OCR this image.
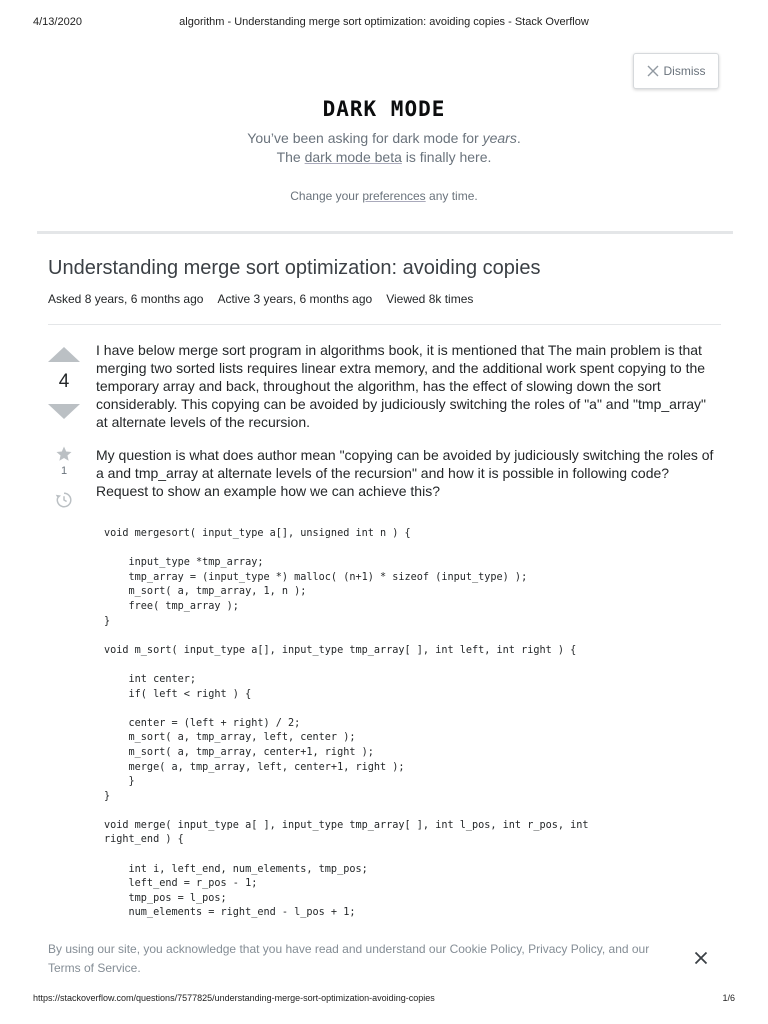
4/13/2020	algorithm - Understanding merge sort optimization: avoiding copies - Stack Overflow
Dismiss
DARK MODE
You’ve been asking for dark mode for years.
The dark mode beta is finally here.
Change your preferences any time.
Understanding merge sort optimization: avoiding copies
Asked 8 years, 6 months ago Active 3 years, 6 months ago Viewed 8k times
4
1

I have below merge sort program in algorithms book, it is mentioned that The main problem is that merging two sorted lists requires linear extra memory, and the additional work spent copying to the temporary array and back, throughout the algorithm, has the effect of slowing down the sort considerably. This copying can be avoided by judiciously switching the roles of "a" and "tmp_array" at alternate levels of the recursion.

My question is what does author mean "copying can be avoided by judiciously switching the roles of a and tmp_array at alternate levels of the recursion" and how it is possible in following code? Request to show an example how we can achieve this?

void mergesort( input_type a[], unsigned int n ) {

input_type *tmp_array;
tmp_array = (input_type *) malloc( (n+1) * sizeof (input_type) );
m_sort( a, tmp_array, 1, n );
free( tmp_array );
}

void m_sort( input_type a[], input_type tmp_array[ ], int left, int right ) {

int center;
if( left < right ) {

center = (left + right) / 2;
m_sort( a, tmp_array, left, center );
m_sort( a, tmp_array, center+1, right );
merge( a, tmp_array, left, center+1, right );
}
}

void merge( input_type a[ ], input_type tmp_array[ ], int l_pos, int r_pos, int
right_end ) {

int i, left_end, num_elements, tmp_pos;
left_end = r_pos - 1;
tmp_pos = l_pos;
num_elements = right_end - l_pos + 1;
By using our site, you acknowledge that you have read and understand our Cookie Policy, Privacy Policy, and our Terms of Service.
https://stackoverflow.com/questions/7577825/understanding-merge-sort-optimization-avoiding-copies	1/6
